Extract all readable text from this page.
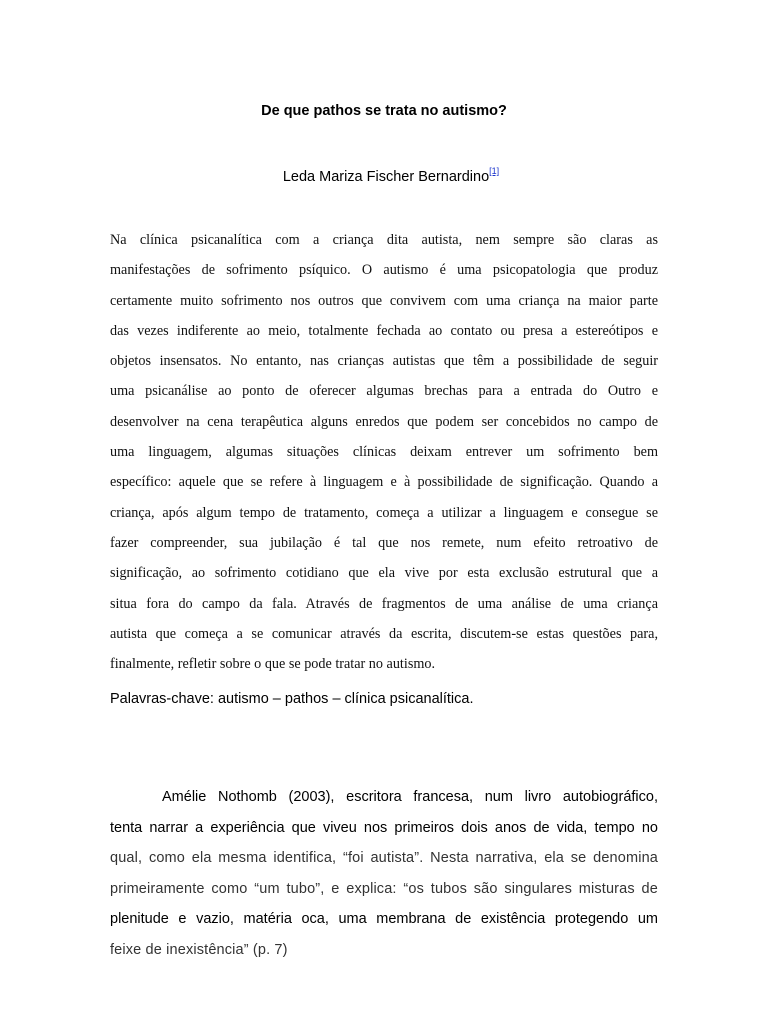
De que pathos se trata no autismo?
Leda Mariza Fischer Bernardino[1]
Na clínica psicanalítica com a criança dita autista, nem sempre são claras as
manifestações de sofrimento psíquico. O autismo é uma psicopatologia que produz
certamente muito sofrimento nos outros que convivem com uma criança na maior parte
das vezes indiferente ao meio, totalmente fechada ao contato ou presa a estereótipos e
objetos insensatos. No entanto, nas crianças autistas que têm a possibilidade de seguir
uma psicanálise ao ponto de oferecer algumas brechas para a entrada do Outro e
desenvolver na cena terapêutica alguns enredos que podem ser concebidos no campo de
uma linguagem, algumas situações clínicas deixam entrever um sofrimento bem
específico: aquele que se refere à linguagem e à possibilidade de significação. Quando a
criança, após algum tempo de tratamento, começa a utilizar a linguagem e consegue se
fazer compreender, sua jubilação é tal que nos remete, num efeito retroativo de
significação, ao sofrimento cotidiano que ela vive por esta exclusão estrutural que a
situa fora do campo da fala. Através de fragmentos de uma análise de uma criança
autista que começa a se comunicar através da escrita, discutem-se estas questões para,
finalmente, refletir sobre o que se pode tratar no autismo.
Palavras-chave: autismo – pathos – clínica psicanalítica.
Amélie Nothomb (2003), escritora francesa, num livro autobiográfico,
tenta narrar a experiência que viveu nos primeiros dois anos de vida, tempo no
qual, como ela mesma identifica, “foi autista”. Nesta narrativa, ela se denomina
primeiramente como “um tubo”, e explica: “os tubos são singulares misturas de
plenitude e vazio, matéria oca, uma membrana de existência protegendo um
feixe de inexistência” (p. 7)
